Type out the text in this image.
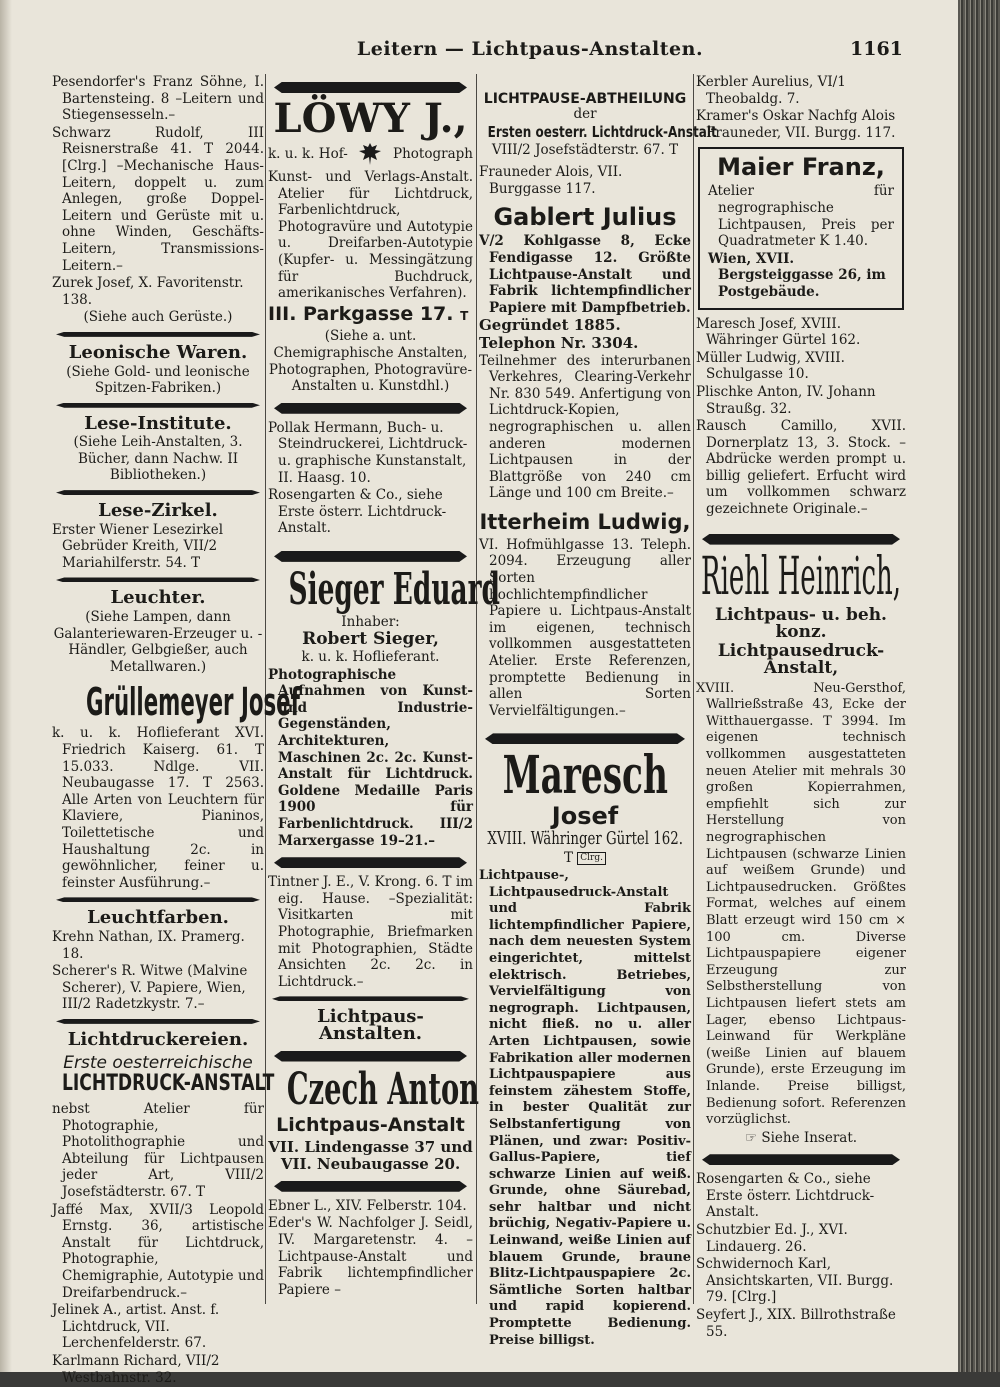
Leitern — Lichtpaus-Anstalten.	1161
Pesendorfer's Franz Söhne, I. Bartensteing. 8 –Leitern und Stiegensesseln.–
Schwarz Rudolf, III Reisnerstraße 41. T 2044. [Clrg.] –Mechanische Haus-Leitern, doppelt u. zum Anlegen, große Doppel-Leitern und Gerüste mit u. ohne Winden, Geschäfts-Leitern, Transmissions-Leitern.–
Zurek Josef, X. Favoritenstr. 138.
(Siehe auch Gerüste.)
Leonische Waren.
(Siehe Gold- und leonische Spitzen-Fabriken.)
Lese-Institute.
(Siehe Leih-Anstalten, 3. Bücher, dann Nachw. II Bibliotheken.)
Lese-Zirkel.
Erster Wiener Lesezirkel Gebrüder Kreith, VII/2 Mariahilferstr. 54. T
Leuchter.
(Siehe Lampen, dann Galanteriewaren-Erzeuger u. -Händler, Gelbgießer, auch Metallwaren.)
Grüllemeyer Josef
k. u. k. Hoflieferant XVI. Friedrich Kaiserg. 61. T 15.033. Ndlge. VII. Neubaugasse 17. T 2563. Alle Arten von Leuchtern für Klaviere, Pianinos, Toilettetische und Haushaltung 2c. in gewöhnlicher, feiner u. feinster Ausführung.–
Leuchtfarben.
Krehn Nathan, IX. Pramerg. 18.
Scherer's R. Witwe (Malvine Scherer), V. Papiere, Wien, III/2 Radetzkystr. 7.–
Lichtdruckereien.
Erste oesterreichische
LICHTDRUCK-ANSTALT
nebst Atelier für Photographie, Photolithographie und Abteilung für Lichtpausen jeder Art, VIII/2 Josefstädterstr. 67. T
Jaffé Max, XVII/3 Leopold Ernstg. 36, artistische Anstalt für Lichtdruck, Photographie, Chemigraphie, Autotypie und Dreifarbendruck.–
Jelinek A., artist. Anst. f. Lichtdruck, VII. Lerchenfelderstr. 67.
Karlmann Richard, VII/2 Westbahnstr. 32.
LÖWY J.,
k. u. k. Hof-	Photograph
Kunst- und Verlags-Anstalt. Atelier für Lichtdruck, Farbenlichtdruck, Photogravüre und Autotypie u. Dreifarben-Autotypie (Kupfer- u. Messingätzung für Buchdruck, amerikanisches Verfahren).
III. Parkgasse 17. T
(Siehe a. unt. Chemigraphische Anstalten, Photographen, Photogravüre-Anstalten u. Kunstdhl.)
Pollak Hermann, Buch- u. Steindruckerei, Lichtdruck- u. graphische Kunstanstalt, II. Haasg. 10.
Rosengarten & Co., siehe Erste österr. Lichtdruck-Anstalt.
Sieger Eduard
Inhaber:
Robert Sieger,
k. u. k. Hoflieferant.
Photographische Aufnahmen von Kunst- und Industrie-Gegenständen, Architekturen, Maschinen 2c. 2c. Kunst-Anstalt für Lichtdruck. Goldene Medaille Paris 1900 für Farbenlichtdruck. III/2 Marxergasse 19–21.–
Tintner J. E., V. Krong. 6. T im eig. Hause. –Spezialität: Visitkarten mit Photographie, Briefmarken mit Photographien, Städte Ansichten 2c. 2c. in Lichtdruck.–
Lichtpaus-Anstalten.
Czech Anton
Lichtpaus-Anstalt
VII. Lindengasse 37 und
VII. Neubaugasse 20.
Ebner L., XIV. Felberstr. 104.
Eder's W. Nachfolger J. Seidl, IV. Margaretenstr. 4. –Lichtpause-Anstalt und Fabrik lichtempfindlicher Papiere –
LICHTPAUSE-ABTHEILUNG
der
Ersten oesterr. Lichtdruck-Anstalt
VIII/2 Josefstädterstr. 67. T
Frauneder Alois, VII. Burggasse 117.
Gablert Julius
V/2 Kohlgasse 8, Ecke Fendigasse 12. Größte Lichtpause-Anstalt und Fabrik lichtempfindlicher Papiere mit Dampfbetrieb.
Gegründet 1885.
Telephon Nr. 3304.
Teilnehmer des interurbanen Verkehres, Clearing-Verkehr Nr. 830 549. Anfertigung von Lichtdruck-Kopien, negrographischen u. allen anderen modernen Lichtpausen in der Blattgröße von 240 cm Länge und 100 cm Breite.–
Itterheim Ludwig,
VI. Hofmühlgasse 13. Teleph. 2094. Erzeugung aller Sorten hochlichtempfindlicher Papiere u. Lichtpaus-Anstalt im eigenen, technisch vollkommen ausgestatteten Atelier. Erste Referenzen, promptette Bedienung in allen Sorten Vervielfältigungen.–
Maresch
Josef
XVIII. Währinger Gürtel 162.
T Clrg.
Lichtpause-, Lichtpausedruck-Anstalt und Fabrik lichtempfindlicher Papiere, nach dem neuesten System eingerichtet, mittelst elektrisch. Betriebes, Vervielfältigung von negrograph. Lichtpausen, nicht fließ. no u. aller Arten Lichtpausen, sowie Fabrikation aller modernen Lichtpauspapiere aus feinstem zähestem Stoffe, in bester Qualität zur Selbstanfertigung von Plänen, und zwar: Positiv-Gallus-Papiere, tief schwarze Linien auf weiß. Grunde, ohne Säurebad, sehr haltbar und nicht brüchig, Negativ-Papiere u. Leinwand, weiße Linien auf blauem Grunde, braune Blitz-Lichtpauspapiere 2c. Sämtliche Sorten haltbar und rapid kopierend. Promptette Bedienung. Preise billigst.
Kerbler Aurelius, VI/1 Theobaldg. 7.
Kramer's Oskar Nachfg Alois Frauneder, VII. Burgg. 117.
Maier Franz,
Atelier für negrographische Lichtpausen, Preis per Quadratmeter K 1.40.
Wien, XVII. Bergsteiggasse 26, im Postgebäude.
Maresch Josef, XVIII. Währinger Gürtel 162.
Müller Ludwig, XVIII. Schulgasse 10.
Plischke Anton, IV. Johann Straußg. 32.
Rausch Camillo, XVII. Dornerplatz 13, 3. Stock. –Abdrücke werden prompt u. billig geliefert. Erfucht wird um vollkommen schwarz gezeichnete Originale.–
Riehl Heinrich,
Lichtpaus- u. beh. konz.
Lichtpausedruck-Anstalt,
XVIII. Neu-Gersthof, Wallrießstraße 43, Ecke der Witthauergasse. T 3994. Im eigenen technisch vollkommen ausgestatteten neuen Atelier mit mehrals 30 großen Kopierrahmen, empfiehlt sich zur Herstellung von negrographischen Lichtpausen (schwarze Linien auf weißem Grunde) und Lichtpausedrucken. Größtes Format, welches auf einem Blatt erzeugt wird 150 cm × 100 cm. Diverse Lichtpauspapiere eigener Erzeugung zur Selbstherstellung von Lichtpausen liefert stets am Lager, ebenso Lichtpaus-Leinwand für Werkpläne (weiße Linien auf blauem Grunde), erste Erzeugung im Inlande. Preise billigst, Bedienung sofort. Referenzen vorzüglichst.
☞ Siehe Inserat.
Rosengarten & Co., siehe Erste österr. Lichtdruck-Anstalt.
Schutzbier Ed. J., XVI. Lindauerg. 26.
Schwidernoch Karl, Ansichtskarten, VII. Burgg. 79. [Clrg.]
Seyfert J., XIX. Billrothstraße 55.
